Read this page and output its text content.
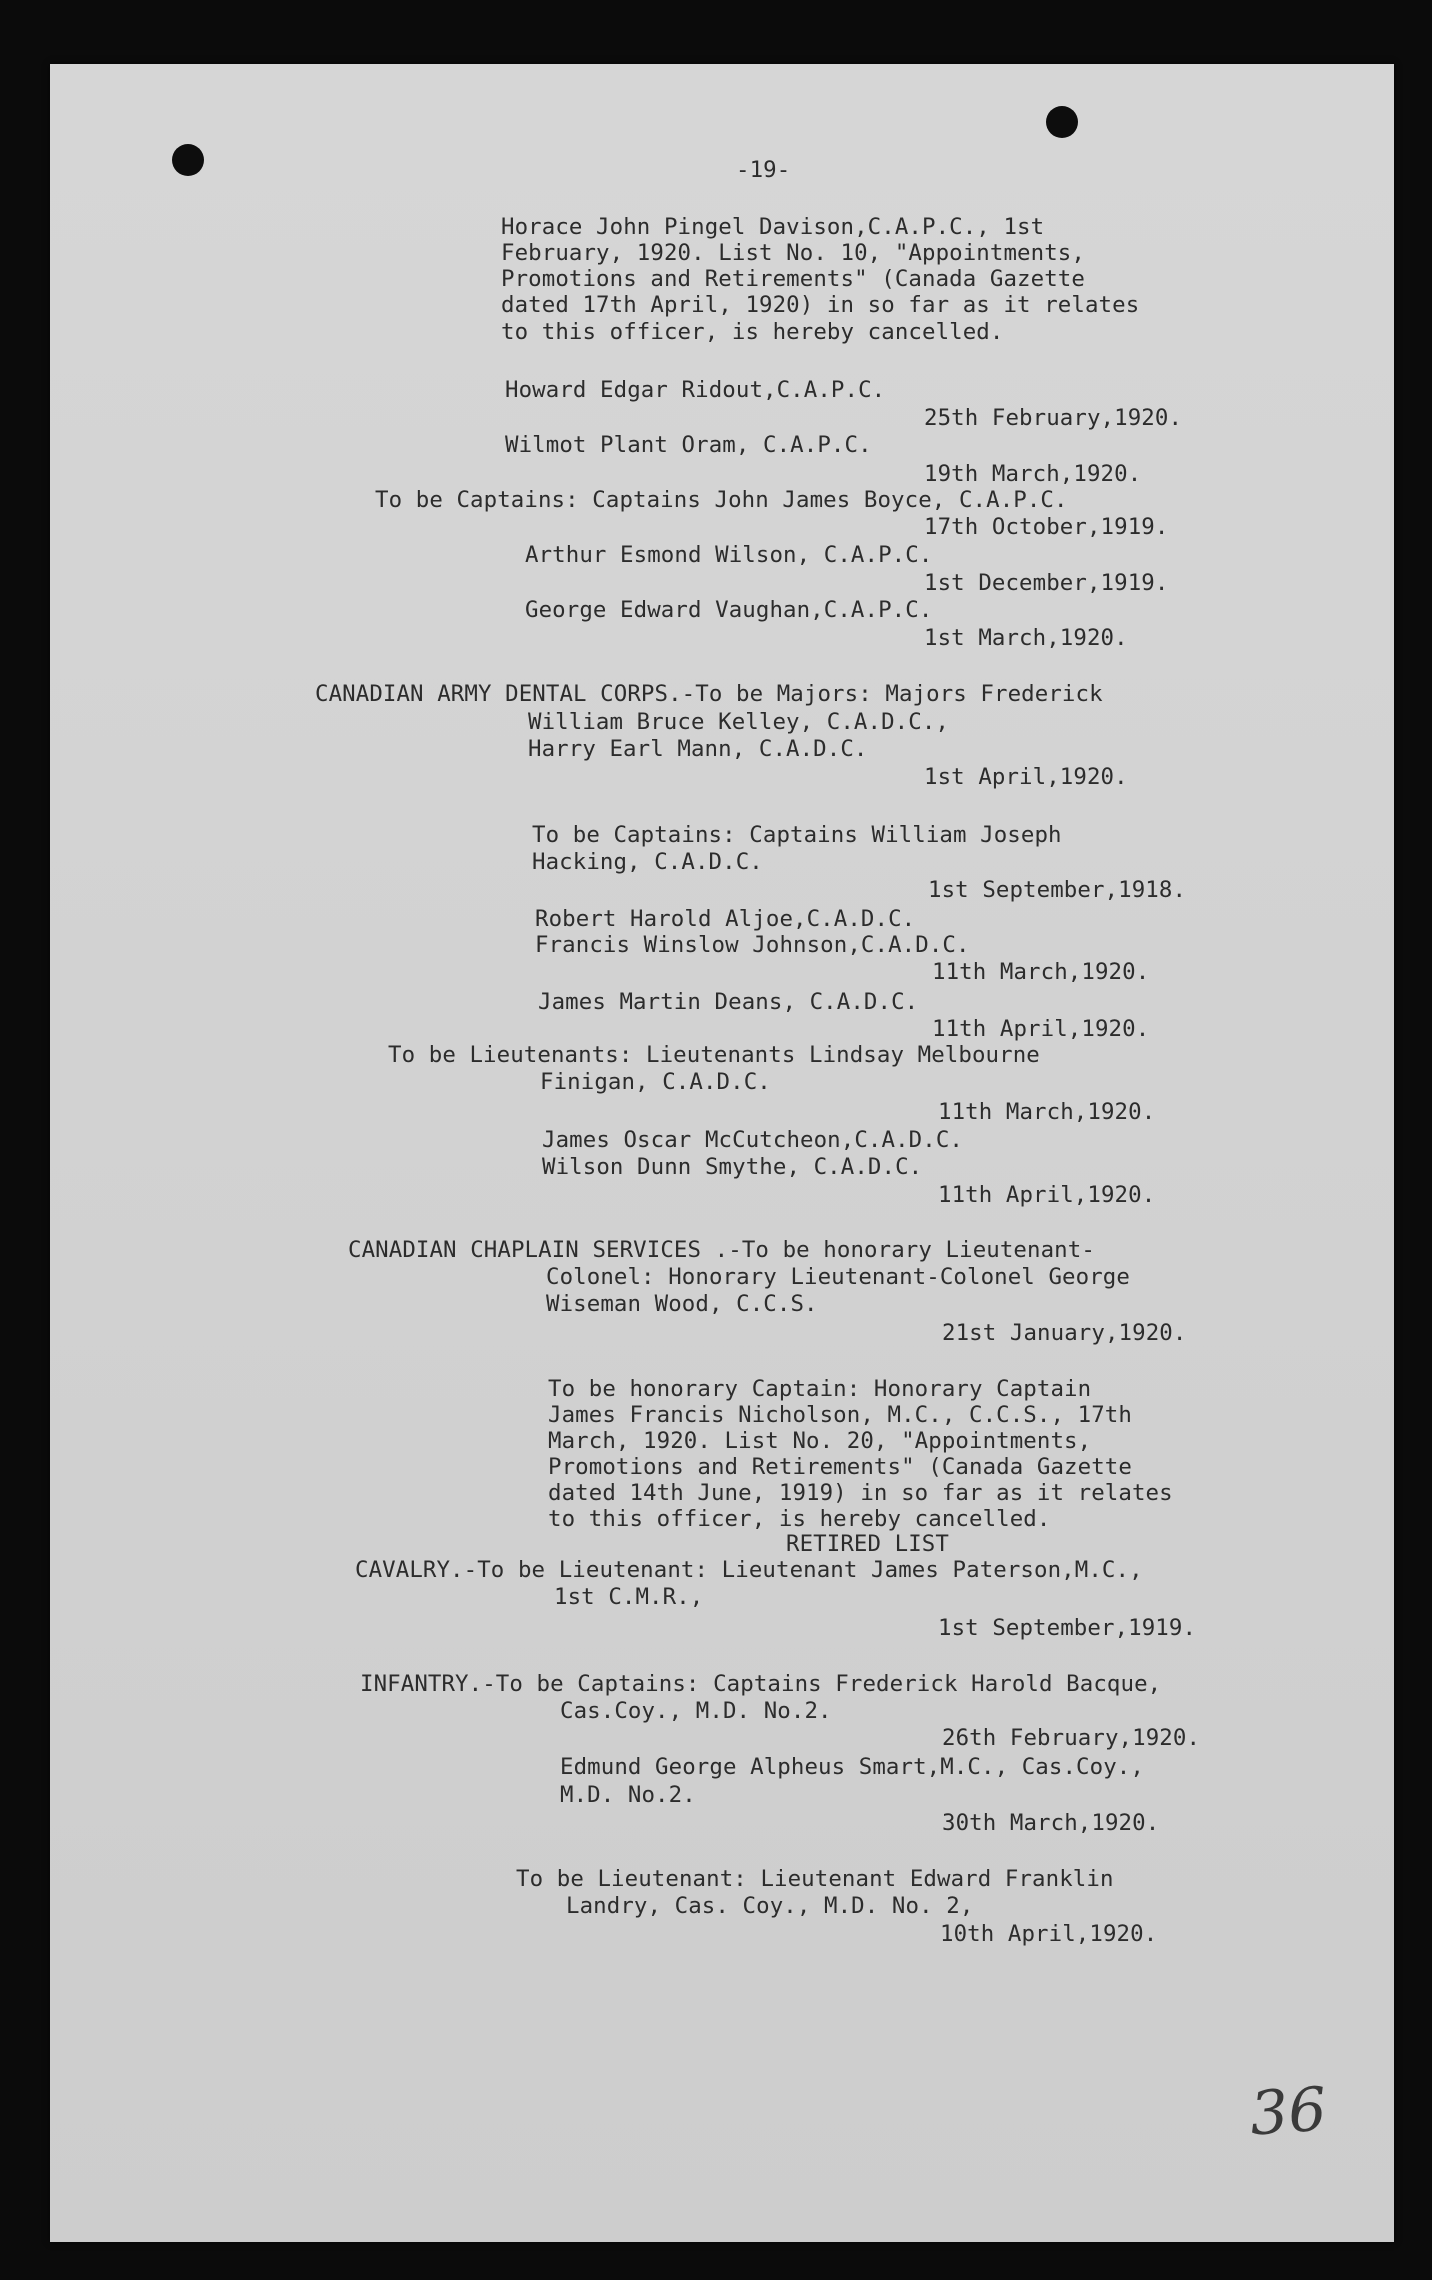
-19-
Horace John Pingel Davison,C.A.P.C., 1st
February, 1920. List No. 10, "Appointments,
Promotions and Retirements" (Canada Gazette
dated 17th April, 1920) in so far as it relates
to this officer, is hereby cancelled.
Howard Edgar Ridout,C.A.P.C.
25th February,1920.
Wilmot Plant Oram, C.A.P.C.
19th March,1920.
To be Captains: Captains John James Boyce, C.A.P.C.
17th October,1919.
Arthur Esmond Wilson, C.A.P.C.
1st December,1919.
George Edward Vaughan,C.A.P.C.
1st March,1920.
CANADIAN ARMY DENTAL CORPS.-To be Majors: Majors Frederick
William Bruce Kelley, C.A.D.C.,
Harry Earl Mann, C.A.D.C.
1st April,1920.
To be Captains: Captains William Joseph
Hacking, C.A.D.C.
1st September,1918.
Robert Harold Aljoe,C.A.D.C.
Francis Winslow Johnson,C.A.D.C.
11th March,1920.
James Martin Deans, C.A.D.C.
11th April,1920.
To be Lieutenants: Lieutenants Lindsay Melbourne
Finigan, C.A.D.C.
11th March,1920.
James Oscar McCutcheon,C.A.D.C.
Wilson Dunn Smythe, C.A.D.C.
11th April,1920.
CANADIAN CHAPLAIN SERVICES .-To be honorary Lieutenant-
Colonel: Honorary Lieutenant-Colonel George
Wiseman Wood, C.C.S.
21st January,1920.
To be honorary Captain: Honorary Captain
James Francis Nicholson, M.C., C.C.S., 17th
March, 1920. List No. 20, "Appointments,
Promotions and Retirements" (Canada Gazette
dated 14th June, 1919) in so far as it relates
to this officer, is hereby cancelled.
RETIRED LIST
CAVALRY.-To be Lieutenant: Lieutenant James Paterson,M.C.,
1st C.M.R.,
1st September,1919.
INFANTRY.-To be Captains: Captains Frederick Harold Bacque,
Cas.Coy., M.D. No.2.
26th February,1920.
Edmund George Alpheus Smart,M.C., Cas.Coy.,
M.D. No.2.
30th March,1920.
To be Lieutenant: Lieutenant Edward Franklin
Landry, Cas. Coy., M.D. No. 2,
10th April,1920.
36
